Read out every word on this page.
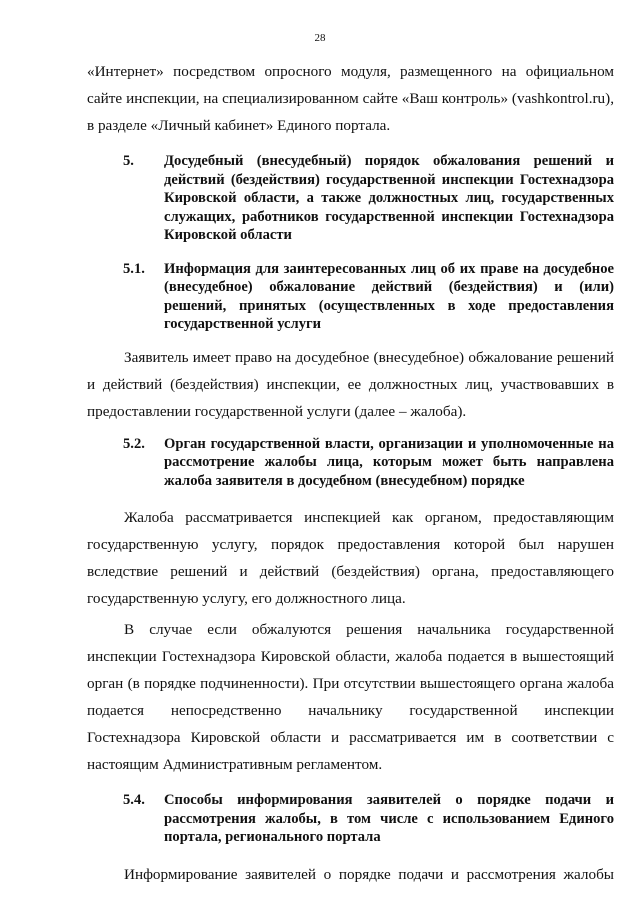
28

«Интернет» посредством опросного модуля, размещенного на официальном сайте инспекции, на специализированном сайте «Ваш контроль» (vashkontrol.ru), в разделе «Личный кабинет» Единого портала.

5.	Досудебный (внесудебный) порядок обжалования решений и действий (бездействия) государственной инспекции Гостехнадзора Кировской области, а также должностных лиц, государственных служащих, работников государственной инспекции Гостехнадзора Кировской области
5.1.	Информация для заинтересованных лиц об их праве на досудебное (внесудебное) обжалование действий (бездействия) и (или) решений, принятых (осуществленных в ходе предоставления государственной услуги

Заявитель имеет право на досудебное (внесудебное) обжалование решений и действий (бездействия) инспекции, ее должностных лиц, участвовавших в предоставлении государственной услуги (далее – жалоба).

5.2.	Орган государственной власти, организации и уполномоченные на рассмотрение жалобы лица, которым может быть направлена жалоба заявителя в досудебном (внесудебном) порядке

Жалоба рассматривается инспекцией как органом, предоставляющим государственную услугу, порядок предоставления которой был нарушен вследствие решений и действий (бездействия) органа, предоставляющего государственную услугу, его должностного лица.

В случае если обжалуются решения начальника государственной инспекции Гостехнадзора Кировской области, жалоба подается в вышестоящий орган (в порядке подчиненности). При отсутствии вышестоящего органа жалоба подается непосредственно начальнику государственной инспекции Гостехнадзора Кировской области и рассматривается им в соответствии с настоящим Административным регламентом.

5.4.	Способы информирования заявителей о порядке подачи и рассмотрения жалобы, в том числе с использованием Единого портала, регионального портала

Информирование заявителей о порядке подачи и рассмотрения жалобы
